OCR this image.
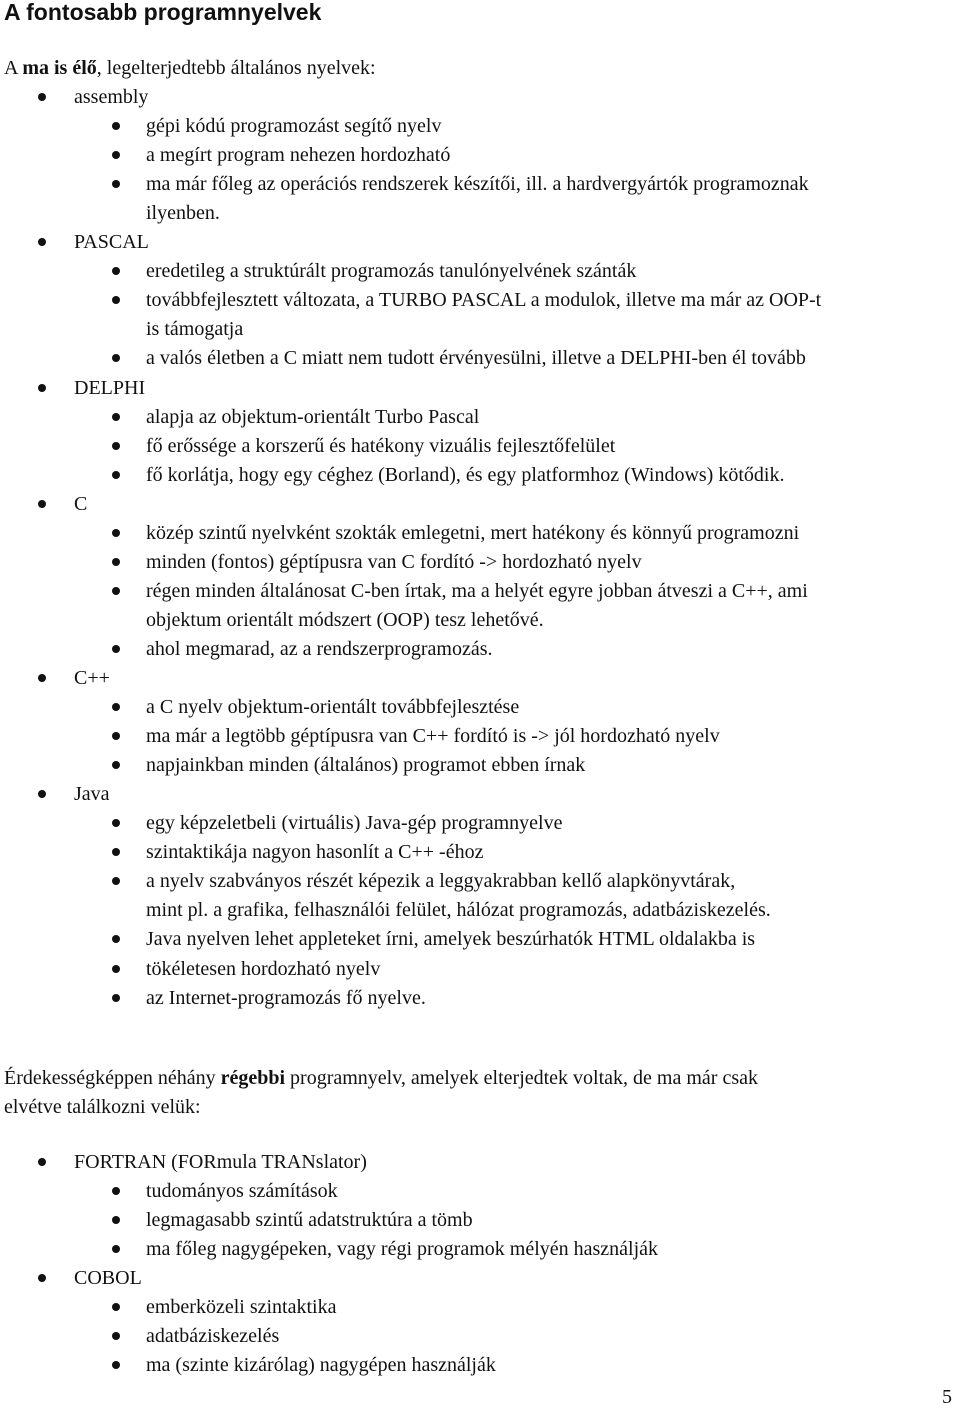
A fontosabb programnyelvek
A ma is élő, legelterjedtebb általános nyelvek:
assembly
gépi kódú programozást segítő nyelv
a megírt program nehezen hordozható
ma már főleg az operációs rendszerek készítői, ill. a hardvergyártók programoznak
ilyenben.
PASCAL
eredetileg a struktúrált programozás tanulónyelvének szánták
továbbfejlesztett változata, a TURBO PASCAL a modulok, illetve ma már az OOP-t
is támogatja
a valós életben a C miatt nem tudott érvényesülni, illetve a DELPHI-ben él tovább
DELPHI
alapja az objektum-orientált Turbo Pascal
fő erőssége a korszerű és hatékony vizuális fejlesztőfelület
fő korlátja, hogy egy céghez (Borland), és egy platformhoz (Windows) kötődik.
C
közép szintű nyelvként szokták emlegetni, mert hatékony és könnyű programozni
minden (fontos) géptípusra van C fordító -> hordozható nyelv
régen minden általánosat C-ben írtak, ma a helyét egyre jobban átveszi a C++, ami
objektum orientált módszert (OOP) tesz lehetővé.
ahol megmarad, az a rendszerprogramozás.
C++
a C nyelv objektum-orientált továbbfejlesztése
ma már a legtöbb géptípusra van C++ fordító is -> jól hordozható nyelv
napjainkban minden (általános) programot ebben írnak
Java
egy képzeletbeli (virtuális) Java-gép programnyelve
szintaktikája nagyon hasonlít a C++ -éhoz
a nyelv szabványos részét képezik a leggyakrabban kellő alapkönyvtárak,
mint pl. a grafika, felhasználói felület, hálózat programozás, adatbáziskezelés.
Java nyelven lehet appleteket írni, amelyek beszúrhatók HTML oldalakba is
tökéletesen hordozható nyelv
az Internet-programozás fő nyelve.
Érdekességképpen néhány régebbi programnyelv, amelyek elterjedtek voltak, de ma már csak
elvétve találkozni velük:
FORTRAN (FORmula TRANslator)
tudományos számítások
legmagasabb szintű adatstruktúra a tömb
ma főleg nagygépeken, vagy régi programok mélyén használják
COBOL
emberközeli szintaktika
adatbáziskezelés
ma (szinte kizárólag) nagygépen használják
5
